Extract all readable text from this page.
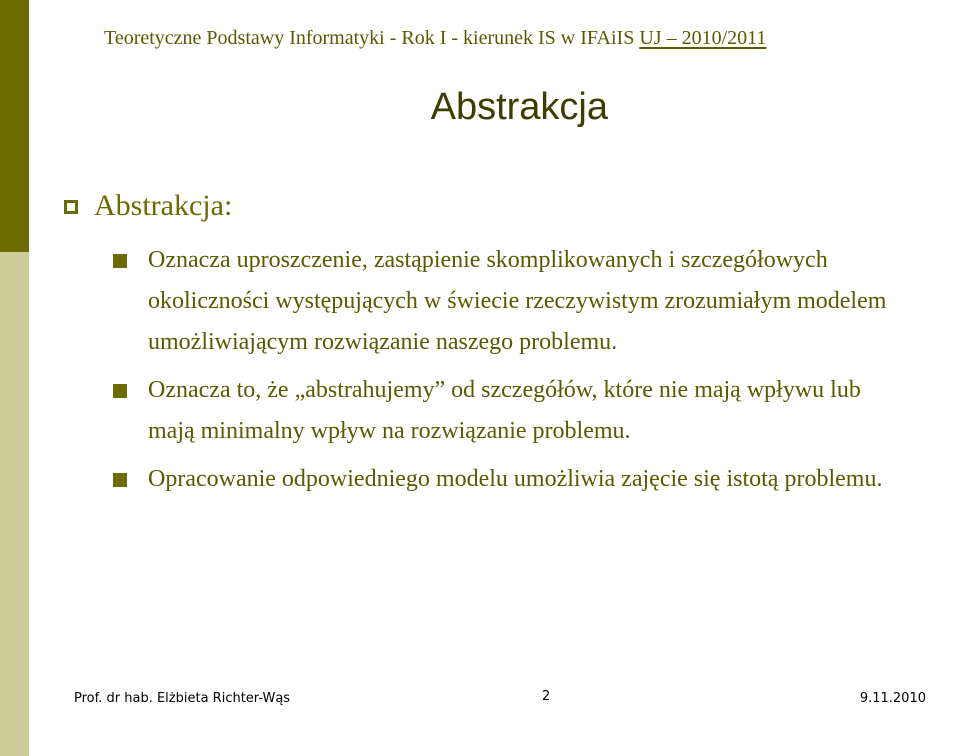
Teoretyczne Podstawy Informatyki - Rok I - kierunek IS w IFAiIS UJ – 2010/2011
Abstrakcja
Abstrakcja:
Oznacza uproszczenie, zastąpienie skomplikowanych i szczegółowych okoliczności występujących w świecie rzeczywistym zrozumiałym modelem umożliwiającym rozwiązanie naszego problemu.
Oznacza to, że „abstrahujemy” od szczegółów, które nie mają wpływu lub mają minimalny wpływ na rozwiązanie problemu.
Opracowanie odpowiedniego modelu umożliwia zajęcie się istotą problemu.
Prof. dr hab. Elżbieta Richter-Wąs	2	9.11.2010
